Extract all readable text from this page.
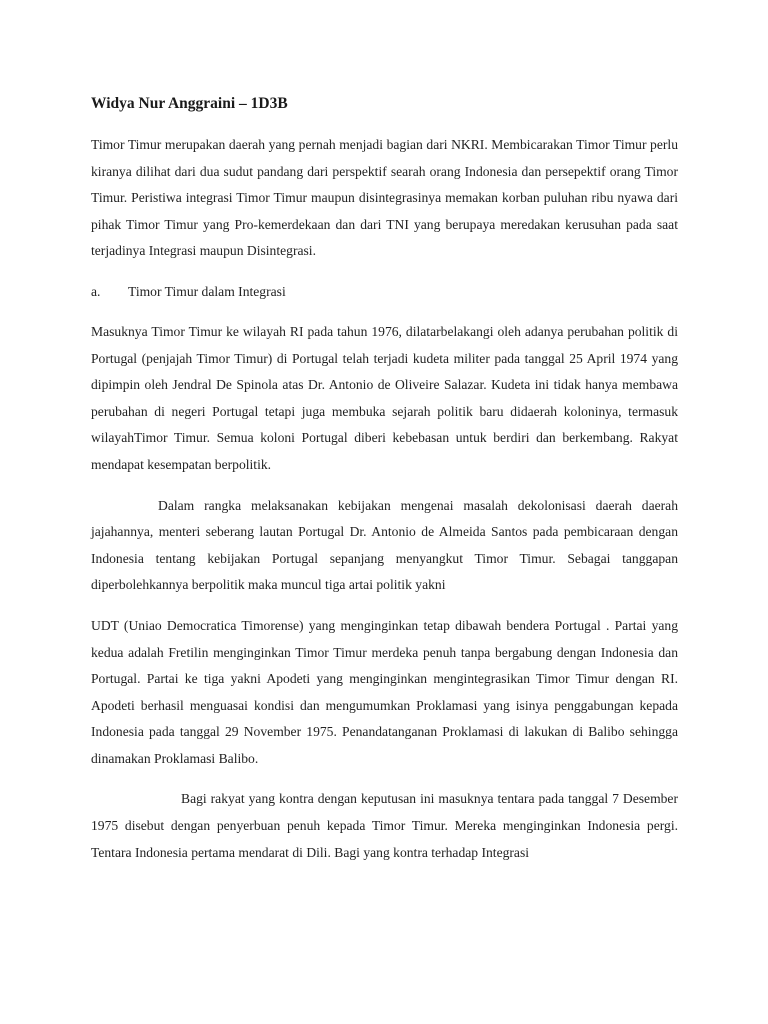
Widya Nur Anggraini – 1D3B

Timor Timur merupakan daerah yang pernah menjadi bagian dari NKRI. Membicarakan Timor Timur perlu kiranya dilihat dari dua sudut pandang dari perspektif searah orang Indonesia dan persepektif orang Timor Timur. Peristiwa integrasi Timor Timur maupun disintegrasinya memakan korban puluhan ribu nyawa dari pihak Timor Timur yang Pro-kemerdekaan dan dari TNI yang berupaya meredakan kerusuhan pada saat terjadinya Integrasi maupun Disintegrasi.

a.	Timor Timur dalam Integrasi

Masuknya Timor Timur ke wilayah RI pada tahun 1976, dilatarbelakangi oleh adanya perubahan politik di Portugal (penjajah Timor Timur) di Portugal telah terjadi kudeta militer pada tanggal 25 April 1974 yang dipimpin oleh Jendral De Spinola atas Dr. Antonio de Oliveire Salazar. Kudeta ini tidak hanya membawa perubahan di negeri Portugal tetapi juga membuka sejarah politik baru didaerah koloninya, termasuk wilayahTimor Timur. Semua koloni Portugal diberi kebebasan untuk berdiri dan berkembang. Rakyat mendapat kesempatan berpolitik.

Dalam rangka melaksanakan kebijakan mengenai masalah dekolonisasi daerah daerah jajahannya, menteri seberang lautan Portugal Dr. Antonio de Almeida Santos pada pembicaraan dengan Indonesia tentang kebijakan Portugal sepanjang menyangkut Timor Timur. Sebagai tanggapan diperbolehkannya berpolitik maka muncul tiga artai politik yakni

UDT (Uniao Democratica Timorense) yang menginginkan tetap dibawah bendera Portugal . Partai yang kedua adalah Fretilin menginginkan Timor Timur merdeka penuh tanpa bergabung dengan Indonesia dan Portugal. Partai ke tiga yakni Apodeti yang menginginkan mengintegrasikan Timor Timur dengan RI. Apodeti berhasil menguasai kondisi dan mengumumkan Proklamasi yang isinya penggabungan kepada Indonesia pada tanggal 29 November 1975. Penandatanganan Proklamasi di lakukan di Balibo sehingga dinamakan Proklamasi Balibo.

Bagi rakyat yang kontra dengan keputusan ini masuknya tentara pada tanggal 7 Desember 1975 disebut dengan penyerbuan penuh kepada Timor Timur. Mereka menginginkan Indonesia pergi. Tentara Indonesia pertama mendarat di Dili. Bagi yang kontra terhadap Integrasi
